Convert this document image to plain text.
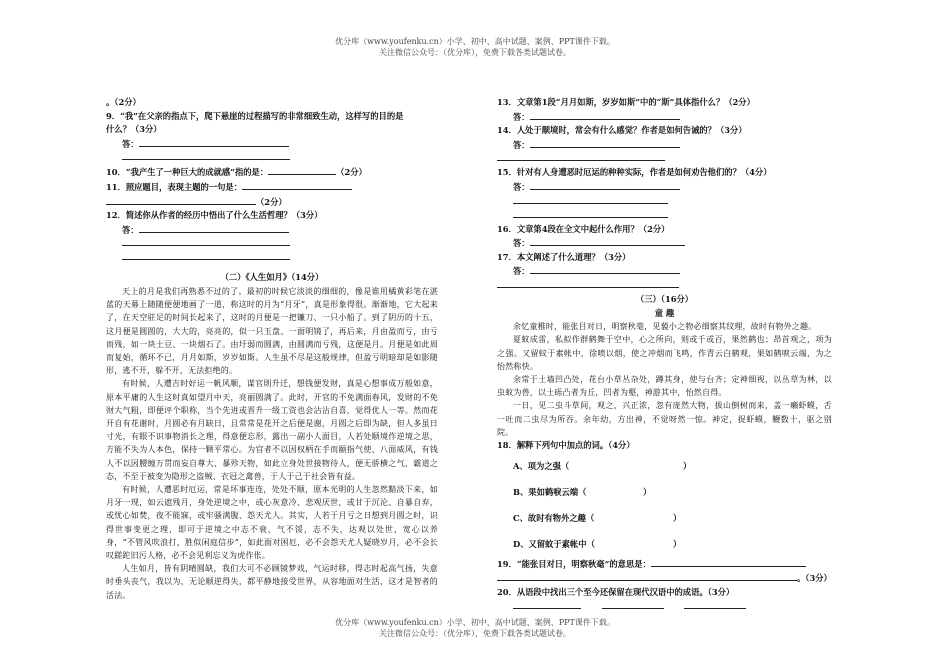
优分库（www.youfenku.cn）小学、初中、高中试题、案例、PPT课件下载。
关注微信公众号：（优分库），免费下载各类试题试卷。
。（2分）
9．“我”在父亲的指点下，爬下悬崖的过程描写的非常细致生动，这样写的目的是
什么？（3分）
答：
10．“我产生了一种巨大的成就感”指的是：	（2分）
11．照应题目，表现主题的一句是：
（2分）
12．简述你从作者的经历中悟出了什么生活哲理？（3分）
答：
（二）《人生如月》（14分）
天上的月是我们再熟悉不过的了。最初的时候它淡淡的细细的，像是谁用橘黄彩笔在湛蓝的天幕上随随便便地画了一道，称这时的月为“月牙”，真是形象得很。渐渐地，它大起来了，在天空驻足的时间长起来了，这时的月便是一把镰刀、一只小船了。到了阴历的十五，这月便是圆圆的，大大的，亮亮的，似一只玉盘、一面明镜了，再后来，月由盈而亏，由亏而残，如一块土豆、一块烟石了。由圩弱而圆满，由圆满而亏残，这便是月。月便是如此周而复始，循环不已，月月如斯，岁岁如斯。人生虽不尽是这般规律，但盈亏明暗却是如影随形，逃不开，躲不开，无法拒绝的。
有时候，人遭吉时好运一帆风顺，谋官則升迁，想钱便发财，真是心想事成万般如意，原本平庸的人生这时真如望月中天，亮丽圆满了。此时，开官的不免满面春风，发财的不免财大气粗，即便评个职称，当个先进或晋升一级工资也会沾沾自喜，觉得优人一等。然而花开自有花谢时，月圆必有月缺日，且常常是花开之后便是谢，月圆之后即为缺，但人多虽日寸光，有眼不识事物消长之理，得意便忘形，露出一副小人面目，人若处顺境作逆境之思，方能不失为人本色，保持一颗平常心。为官者不以因权柄在手而颐指气使、八面威风，有钱人不以因腰缠万贯而妄自尊大、暴殄天物，如此立身处世接物待人，便无骄横之气、霸道之态，不至于被变为隐形之盗贼、衣冠之禽兽，于人于己于社会皆有益。
有时候，人遭恶时厄运，常是坏事连连，处处不顺，原本光明的人生忽然黯淡下来，如月牙一现，如云遮残月，身处逆境之中，或心灰意冷、悲观厌世，或甘于沉沦、自暴自弃，或忧心如焚，夜不能寐，或牢骚满腹、怨天尤人。其实，人若于月亏之日想到月圆之时，识得世事变更之理，即可于逆境之中志不衰，气不馁，志不失，达观以处世，宽心以养身，“不管风吹浪打，胜似闲庭信步”，如此面对困厄，必不会怨天尤人疑晓岁月，必不会长叹蹉跎旧污人格，必不会见利忘义为虎作伥。
人生如月，皆有阴晴圆缺，我们大可不必顾镜梦戏，气运时移，得志时起高气扬，失意时垂头丧气，我以为，无论顺逆得失，都平静地接受世界，从容地面对生活，这才是智者的活法。
13．文章第1段“月月如斯，岁岁如斯”中的“斯”具体指什么？（2分）
答：
14．人处于顺境时，常会有什么感觉？作者是如何告诫的？（3分）
答：
15．针对有人身遭恶时厄运的种种实际，作者是如何劝告他们的？（4分）
答：
16．文章第4段在全文中起什么作用？（2分）
答：
17．本文阐述了什么道理？（3分）
答：
（三）（16分）
童 趣
余忆童稚时，能张目对日，明察秋毫，见藐小之物必细察其纹理，故时有物外之趣。
夏蚊成雷，私拟作群鹤舞于空中，心之所向，则或千或百，果然鹤也；昂首观之，项为之强。又留蚊于素帐中，徐喷以烟，使之冲烟而飞鸣，作青云白鹤观，果如鹤唳云端，为之怡然称快。
余常于土墙凹凸处，花台小草丛杂处，蹲其身，使与台齐；定神细视，以丛草为林，以虫蚁为兽，以土砾凸者为丘，凹者为壑，神游其中，怡然自得。
一日，见二虫斗草间，观之，兴正浓，忽有庞然大物，拔山倒树而来，盖一癞虾蟆，舌一吐而二虫尽为所吞。余年幼，方出神，不觉呀然一惊。神定，捉虾蟆，鞭数十，驱之别院。
18．解释下列句中加点的词。（4分）
A、项为之强（	）
B、果如鹤唳云端（	）
C、故时有物外之趣（	）
D、又留蚊于素帐中（	）
19．“能张目对日，明察秋毫”的意思是：
。（3分）
20．从语段中找出三个至今还保留在现代汉语中的成语。（3分）

优分库（www.youfenku.cn）小学、初中、高中试题、案例、PPT课件下载。
关注微信公众号：（优分库），免费下载各类试题试卷。
